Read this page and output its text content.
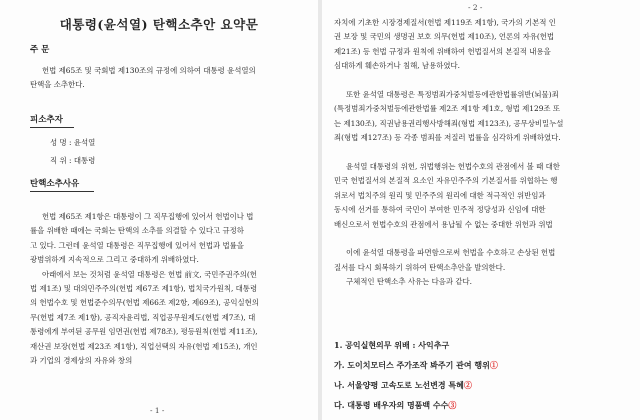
대통령(윤석열) 탄핵소추안 요약문
주 문
헌법 제65조 및 국회법 제130조의 규정에 의하여 대통령 윤석열의
탄핵을 소추한다.
피소추자
성 명 : 윤석열
직 위 : 대통령
탄핵소추사유
헌법 제65조 제1항은 대통령이 그 직무집행에 있어서 헌법이나 법
률을 위배한 때에는 국회는 탄핵의 소추를 의결할 수 있다고 규정하
고 있다. 그런데 윤석열 대통령은 직무집행에 있어서 헌법과 법률을
광범위하게 지속적으로 그리고 중대하게 위배하였다.
아래에서 보는 것처럼 윤석열 대통령은 헌법 前文, 국민주권주의(헌
법 제1조) 및 대의민주주의(헌법 제67조 제1항), 법치국가원칙, 대통령
의 헌법수호 및 헌법준수의무(헌법 제66조 제2항, 제69조), 공익실현의
무(헌법 제7조 제1항), 공직자윤리법, 직업공무원제도(헌법 제7조), 대
통령에게 부여된 공무원 임면권(헌법 제78조), 평등원칙(헌법 제11조),
재산권 보장(헌법 제23조 제1항), 직업선택의 자유(헌법 제15조), 개인
과 기업의 경제상의 자유와 창의
- 1 -
- 2 -
자치에 기초한 시장경제질서(헌법 제119조 제1항), 국가의 기본적 인
권 보장 및 국민의 생명권 보호 의무(헌법 제10조), 언론의 자유(헌법
제21조) 등 헌법 규정과 원칙에 위배하여 헌법질서의 본질적 내용을
심대하게 훼손하거나 침해, 남용하였다.
또한 윤석열 대통령은 특정범죄가중처벌등에관한법률위반(뇌물)죄
(특정범죄가중처벌등에관한법률 제2조 제1항 제1호, 형법 제129조 또
는 제130조), 직권남용권리행사방해죄(형법 제123조), 공무상비밀누설
죄(형법 제127조) 등 각종 범죄를 저질러 법률을 심각하게 위배하였다.
윤석열 대통령의 위헌, 위법행위는 헌법수호의 관점에서 볼 때 대한
민국 헌법질서의 본질적 요소인 자유민주주의 기본질서를 위협하는 행
위로서 법치주의 원리 및 민주주의 원리에 대한 적극적인 위반임과
동시에 선거를 통하여 국민이 부여한 민주적 정당성과 신임에 대한
배신으로서 헌법수호의 관점에서 용납될 수 없는 중대한 위헌과 위법
이에 윤석열 대통령을 파면함으로써 헌법을 수호하고 손상된 헌법
질서를 다시 회복하기 위하여 탄핵소추안을 발의한다.
구체적인 탄핵소추 사유는 다음과 같다.
1. 공익실현의무 위배 : 사익추구
가. 도이치모터스 주가조작 봐주기 관여 행위①
나. 서울양평 고속도로 노선변경 특혜②
다. 대통령 배우자의 명품백 수수③
